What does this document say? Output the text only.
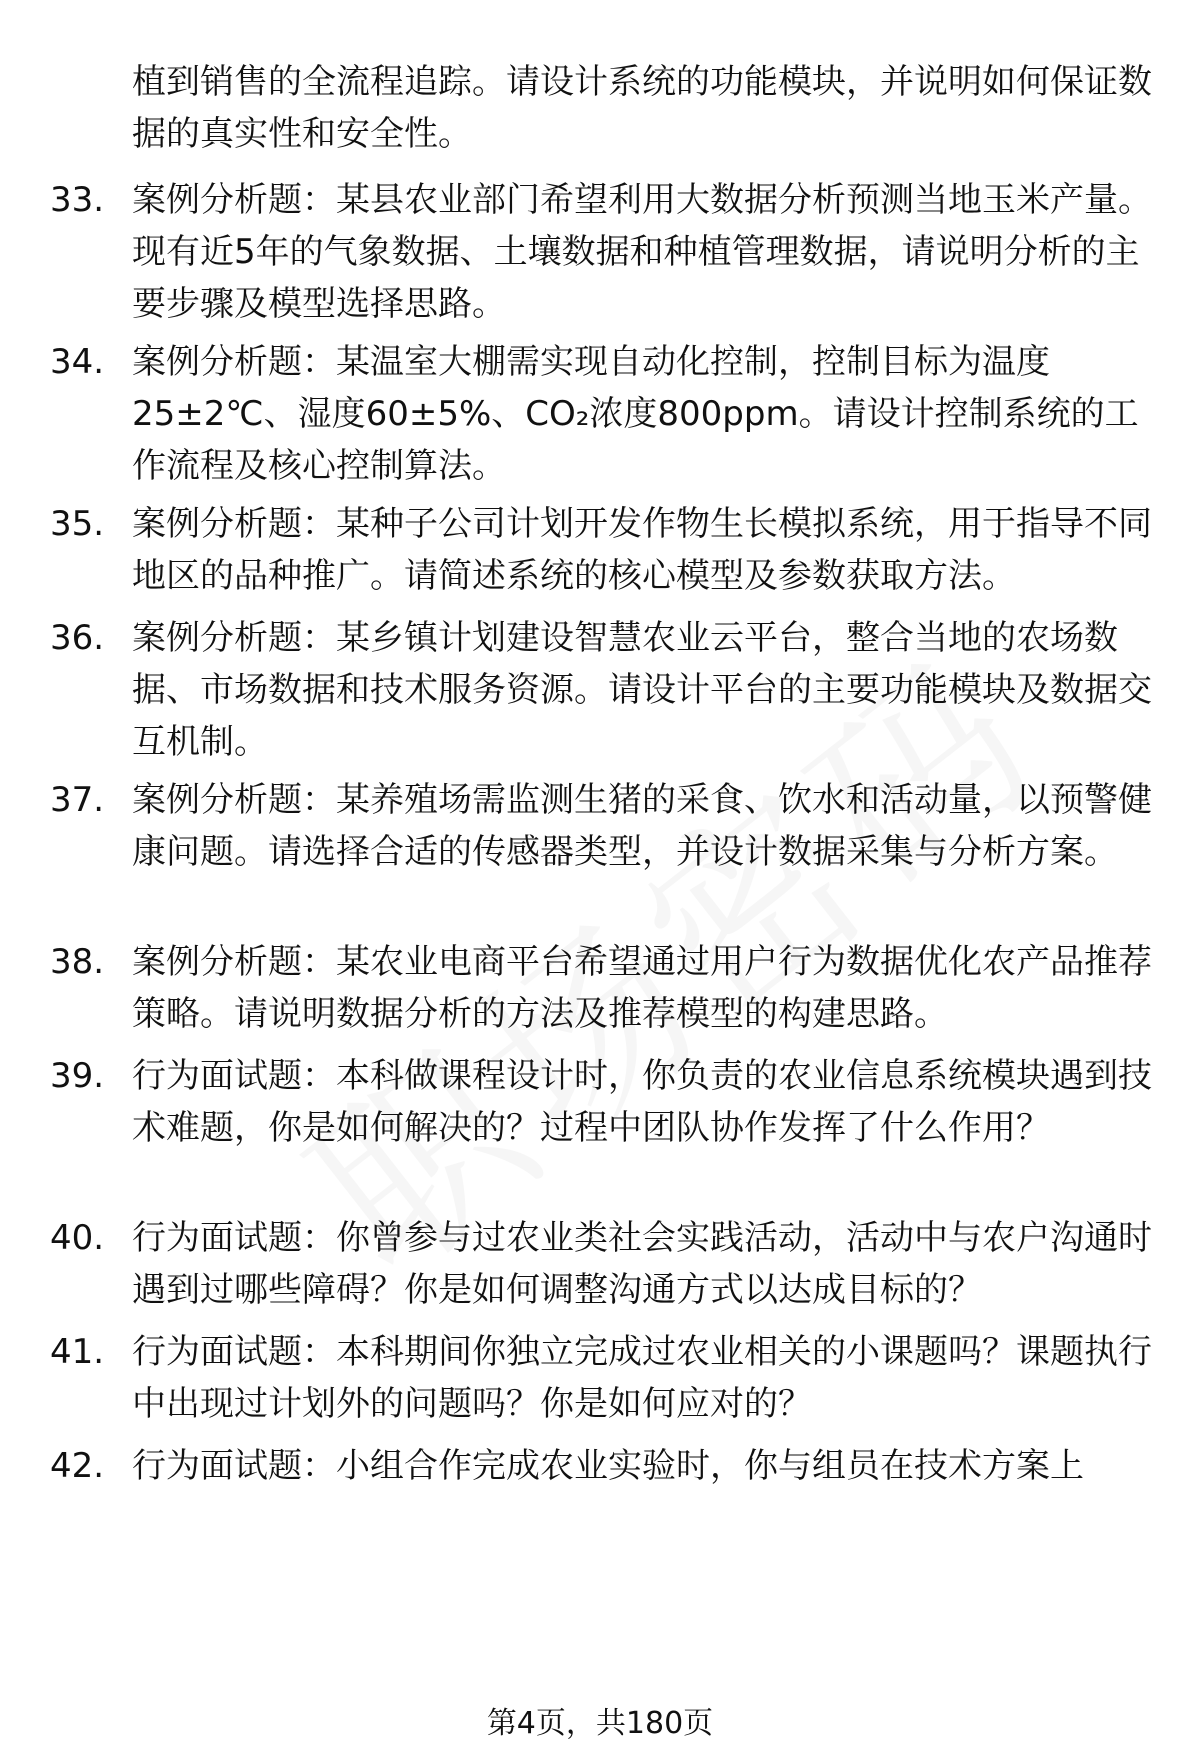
植到销售的全流程追踪。请设计系统的功能模块，并说明如何保证数据的真实性和安全性。
33. 案例分析题：某县农业部门希望利用大数据分析预测当地玉米产量。现有近5年的气象数据、土壤数据和种植管理数据，请说明分析的主要步骤及模型选择思路。
34. 案例分析题：某温室大棚需实现自动化控制，控制目标为温度25±2℃、湿度60±5%、CO₂浓度800ppm。请设计控制系统的工作流程及核心控制算法。
35. 案例分析题：某种子公司计划开发作物生长模拟系统，用于指导不同地区的品种推广。请简述系统的核心模型及参数获取方法。
36. 案例分析题：某乡镇计划建设智慧农业云平台，整合当地的农场数据、市场数据和技术服务资源。请设计平台的主要功能模块及数据交互机制。
37. 案例分析题：某养殖场需监测生猪的采食、饮水和活动量，以预警健康问题。请选择合适的传感器类型，并设计数据采集与分析方案。
38. 案例分析题：某农业电商平台希望通过用户行为数据优化农产品推荐策略。请说明数据分析的方法及推荐模型的构建思路。
39. 行为面试题：本科做课程设计时，你负责的农业信息系统模块遇到技术难题，你是如何解决的？过程中团队协作发挥了什么作用？
40. 行为面试题：你曾参与过农业类社会实践活动，活动中与农户沟通时遇到过哪些障碍？你是如何调整沟通方式以达成目标的？
41. 行为面试题：本科期间你独立完成过农业相关的小课题吗？课题执行中出现过计划外的问题吗？你是如何应对的？
42. 行为面试题：小组合作完成农业实验时，你与组员在技术方案上
第4页，共180页
